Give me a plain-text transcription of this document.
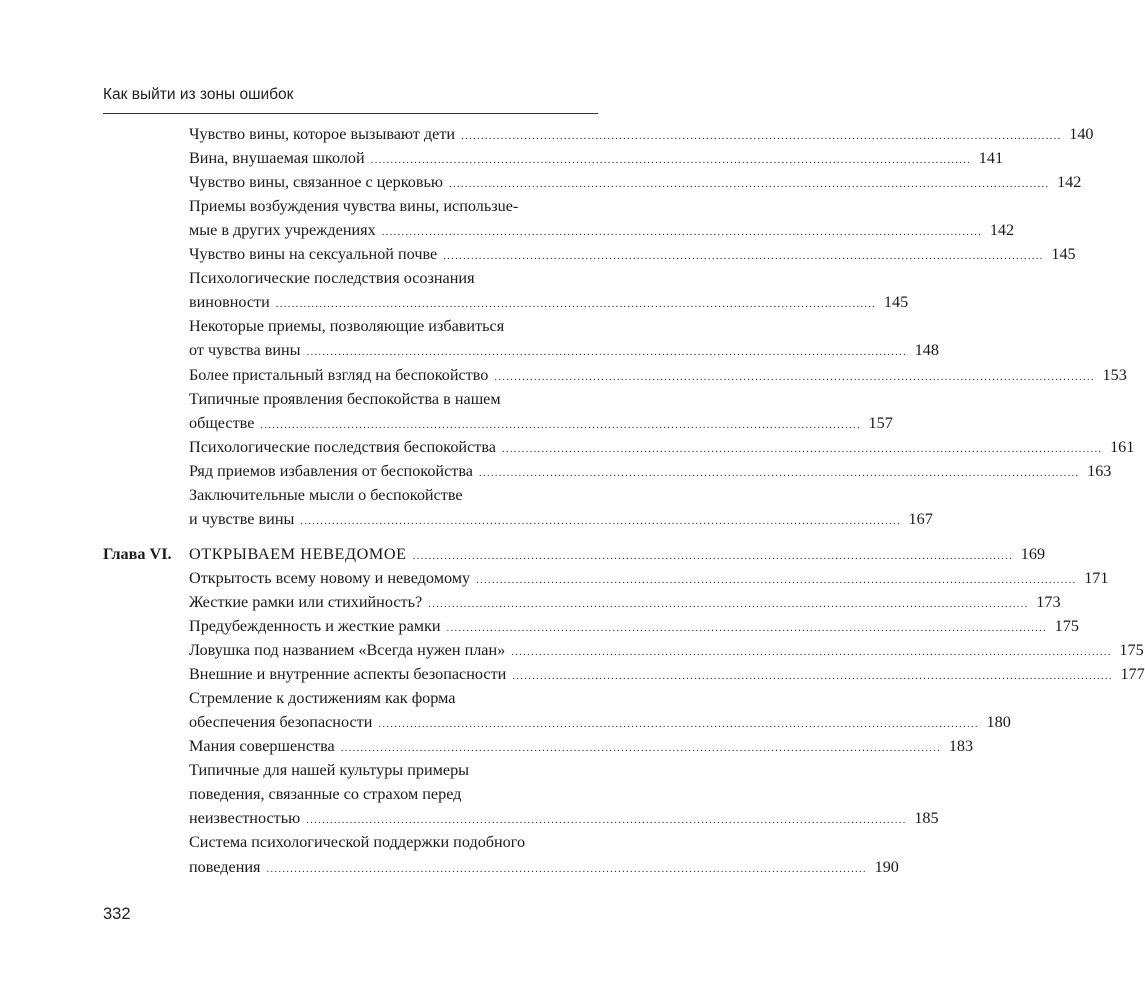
Как выйти из зоны ошибок
Чувство вины, которое вызывают дети .....	140
Вина, внушаемая школой .....	141
Чувство вины, связанное с церковью .....	142
Приемы возбуждения чувства вины, использue-
мые в других учреждениях .....	142
Чувство вины на сексуальной почве .....	145
Психологические последствия осознания
виновности .....	145
Некоторые приемы, позволяющие избавиться
от чувства вины .....	148
Более пристальный взгляд на беспокойство .....	153
Типичные проявления беспокойства в нашем
обществе .....	157
Психологические последствия беспокойства .....	161
Ряд приемов избавления от беспокойства .....	163
Заключительные мысли о беспокойстве
и чувстве вины .....	167
Глава VI. ОТКРЫВАЕМ НЕВЕДОМОЕ .....	169
Открытость всему новому и неведомому .....	171
Жесткие рамки или стихийность? .....	173
Предубежденность и жесткие рамки .....	175
Ловушка под названием «Всегда нужен план» .....	175
Внешние и внутренние аспекты безопасности .....	177
Стремление к достижениям как форма
обеспечения безопасности .....	180
Мания совершенства .....	183
Типичные для нашей культуры примеры
поведения, связанные со страхом перед
неизвестностью .....	185
Система психологической поддержки подобного
поведения .....	190
332
